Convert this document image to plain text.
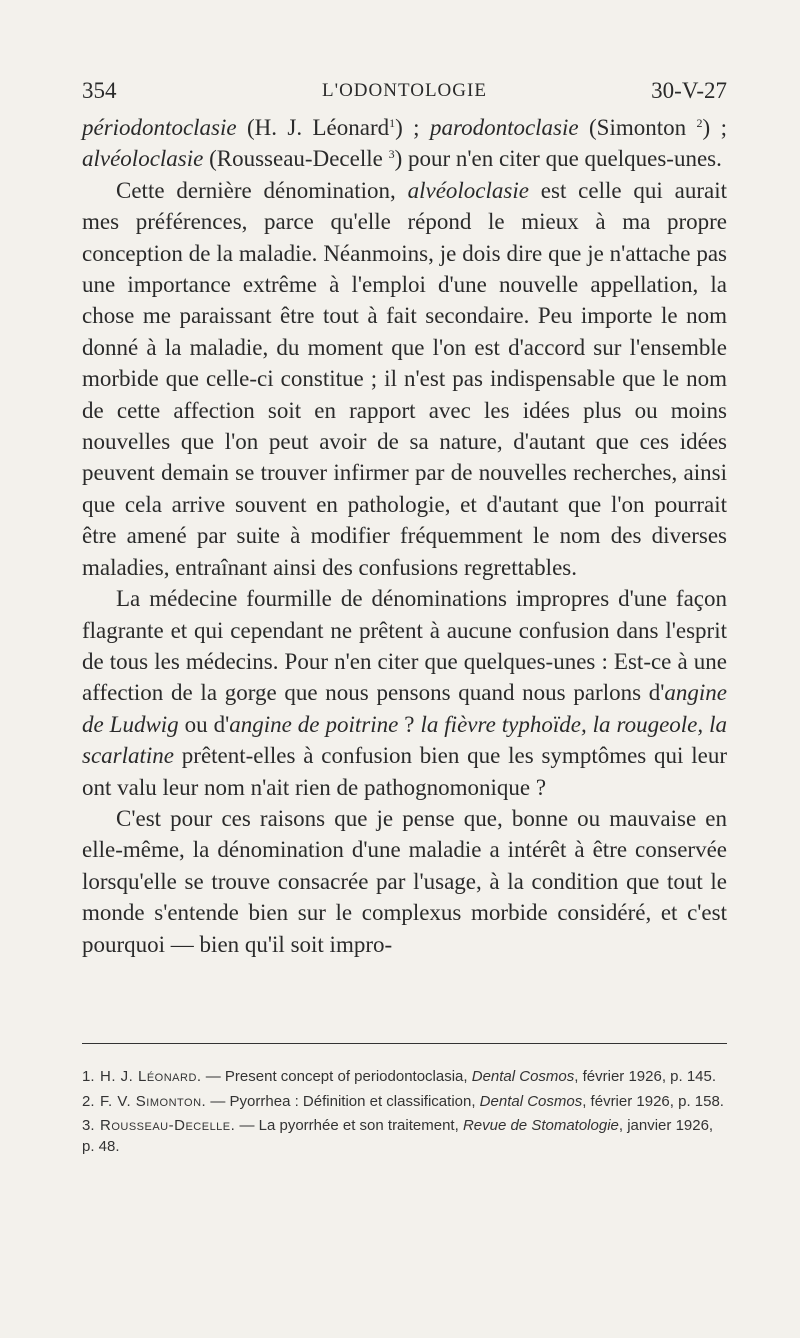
354	L'ODONTOLOGIE	30-V-27

périodontoclasie (H. J. Léonard$^1$) ; parodontoclasie (Simonton $^2$) ; alvéoloclasie (Rousseau-Decelle $^3$) pour n'en citer que quelques-unes.

Cette dernière dénomination, alvéoloclasie est celle qui aurait mes préférences, parce qu'elle répond le mieux à ma propre conception de la maladie. Néanmoins, je dois dire que je n'attache pas une importance extrême à l'emploi d'une nouvelle appellation, la chose me paraissant être tout à fait secondaire. Peu importe le nom donné à la maladie, du moment que l'on est d'accord sur l'ensemble morbide que celle-ci constitue ; il n'est pas indispensable que le nom de cette affection soit en rapport avec les idées plus ou moins nouvelles que l'on peut avoir de sa nature, d'autant que ces idées peuvent demain se trouver infirmer par de nouvelles recherches, ainsi que cela arrive souvent en pathologie, et d'autant que l'on pourrait être amené par suite à modifier fréquemment le nom des diverses maladies, entraînant ainsi des confusions regrettables.

La médecine fourmille de dénominations impropres d'une façon flagrante et qui cependant ne prêtent à aucune confusion dans l'esprit de tous les médecins. Pour n'en citer que quelques-unes : Est-ce à une affection de la gorge que nous pensons quand nous parlons d'angine de Ludwig ou d'angine de poitrine ? la fièvre typhoïde, la rougeole, la scarlatine prêtent-elles à confusion bien que les symptômes qui leur ont valu leur nom n'ait rien de pathognomonique ?

C'est pour ces raisons que je pense que, bonne ou mauvaise en elle-même, la dénomination d'une maladie a intérêt à être conservée lorsqu'elle se trouve consacrée par l'usage, à la condition que tout le monde s'entende bien sur le complexus morbide considéré, et c'est pourquoi — bien qu'il soit impro-

1. H. J. Léonard. — Present concept of periodontoclasia, Dental Cosmos, février 1926, p. 145.
2. F. V. Simonton. — Pyorrhea : Définition et classification, Dental Cosmos, février 1926, p. 158.
3. Rousseau-Decelle. — La pyorrhée et son traitement, Revue de Stomatologie, janvier 1926, p. 48.
